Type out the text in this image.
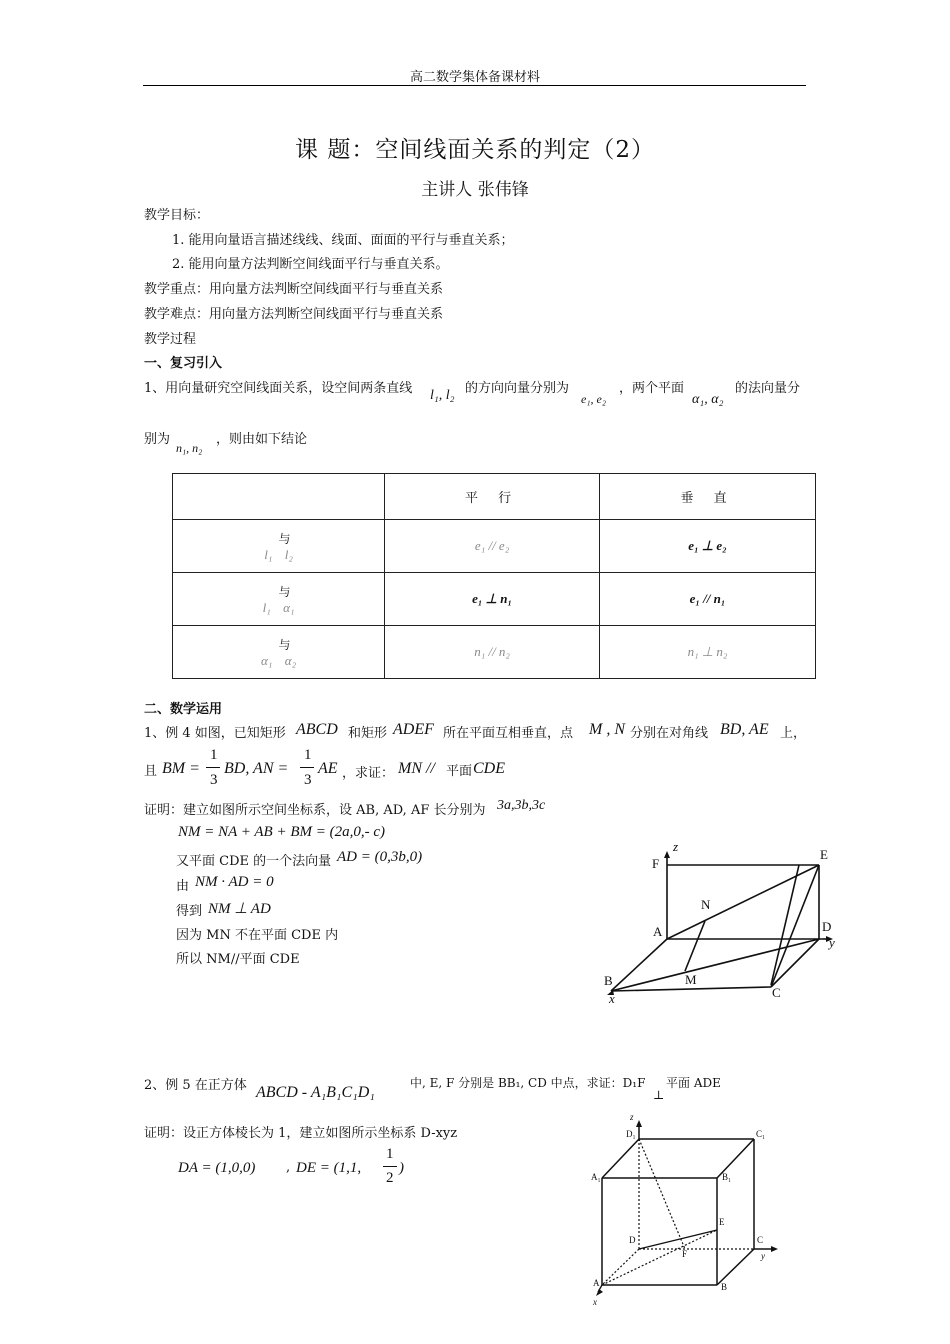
高二数学集体备课材料
课 题：空间线面关系的判定（2）
主讲人 张伟锋
教学目标：
1. 能用向量语言描述线线、线面、面面的平行与垂直关系；
2. 能用向量方法判断空间线面平行与垂直关系。
教学重点：用向量方法判断空间线面平行与垂直关系
教学难点：用向量方法判断空间线面平行与垂直关系
教学过程
一、复习引入
1、用向量研究空间线面关系，设空间两条直线 l₁, l₂ 的方向向量分别为
e₁, e₂
，两个平面
α₁, α₂
的法向量分
别为
n₁, n₂
，则由如下结论
	平 行	垂 直

与
l₁ l₂	e₁ // e₂	e₁ ⊥ e₂

与
l₁ α₁	e₁ ⊥ n₁	e₁ // n₁

与
α₁ α₂	n₁ // n₂	n₁ ⊥ n₂
二、数学运用
1、例 4 如图，已知矩形 ABCD 和矩形 ADEF 所在平面互相垂直，点 M , N 分别在对角线 BD, AE 上，
且 BM =
1
3
BD, AN =
1
3
AE ，求证： MN // 平面 CDE
证明：建立如图所示空间坐标系，设 AB, AD, AF 长分别为 3a,3b,3c
NM = NA + AB + BM = (2a,0,- c)
又平面 CDE 的一个法向量 AD = (0,3b,0)
由 NM · AD = 0
得到 NM ⊥ AD
因为 MN 不在平面 CDE 内
所以 NM//平面 CDE
z
F
E
N
A	D
y
B	M
C
x
2、例 5 在正方体 ABCD - A₁B₁C₁D₁
中, E, F 分别是 BB₁, CD 中点，求证：D₁F
⊥
平面 ADE
证明：设正方体棱长为 1，建立如图所示坐标系 D-xyz
DA = (1,0,0) , DE = (1,1,
1
2
)
z
D₁	C₁
A₁	B₁
E
D
F
C
y
A	B
x
